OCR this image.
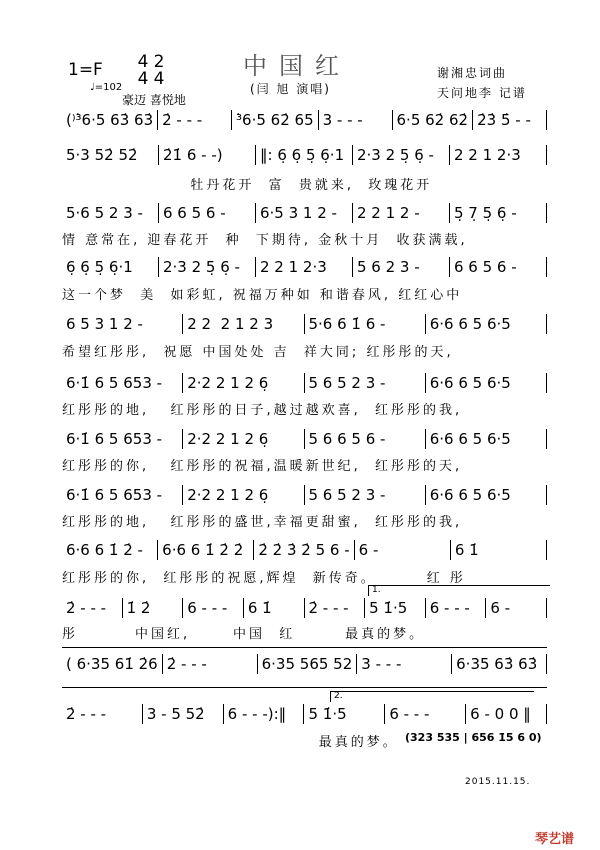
1=F
♩=102
4
4
2
4
豪迈 喜悦地
中国红
(闫 旭 演唱)
谢湘忠词曲
天问地李 记谱
(⁾³̇6·5 63̇ 63̇ 2̇ - - -	³̇6·5 62̇ 65 3 - - -	6·5 62̇ 62̇ 2̇3̇ 5̇ - -
5·3 52̇ 52̇	2̇1̇ 6 - -)	‖: 6̣ 6̣ 5̣ 6̣·1 2·3 2 5̣ 6̣ -	2 2 1 2·3
牡丹花开  富  贵就来,  玫瑰花开
5·6 5 2 3 -	6 6 5 6 -	6·5 3 1 2 -	2 2 1 2 -	5̣ 7̣ 5̣ 6̣ -
情 意常在, 迎春花开  种  下期待, 金秋十月  收获满载,
6̣ 6̣ 5̣ 6̣·1	2·3 2 5̣ 6̣ -	2 2 1 2·3	5 6 2 3 -	6 6 5 6 -
这一个梦  美  如彩虹, 祝福万种如 和谐春风, 红红心中
6 5 3 1 2 -	2 2  2 1 2 3	5·6 6 1̇ 6 -	6·6 6 5 6·5
希望红彤彤,  祝愿 中国处处 吉  祥大同; 红彤彤的天,
6·1̇ 6 5 653 -	2·2 2 1 2 6̣	5 6 5 2 3 -	6·6 6 5 6·5
红彤彤的地,   红彤彤的日子,越过越欢喜,  红彤彤的我,
6·1̇ 6 5 653 -	2·2 2 1 2 6̣	5 6 6 5 6 -	6·6 6 5 6·5
红彤彤的你,   红彤彤的祝福,温暖新世纪,  红彤彤的天,
6·1̇ 6 5 653 -	2·2 2 1 2 6̣	5 6 5 2 3 -	6·6 6 5 6·5
红彤彤的地,   红彤彤的盛世,幸福更甜蜜,  红彤彤的我,
6·6 6 1̇ 2̇ -	6·6 6 1̇ 2̇ 2̇	2̇ 2̇ 3̇ 2̇ 5 6 - 6 -	6 1̇
红彤彤的你,  红彤彤的祝愿,辉煌  新传奇。       红 彤
2̇ - - -	1̇ 2̇	6 - - -	6 1̇	2̇ - - -	5 1̇·5	6 - - -	6 -
彤        中国红,      中国  红       最真的梦。
( 6·35 61̇ 2̇6 2̇ - - -	6·35 565 52 3 - - -	6·35 63̇ 63̇
2̇ - - -	3 - 5 52̇	6 - - -):‖	5 1̇·5	6 - - -	6 - 0 0 ‖
最真的梦。
1.
2.
(323 535 | 656 1̇5 6 0)
2015.11.15.
琴艺谱
